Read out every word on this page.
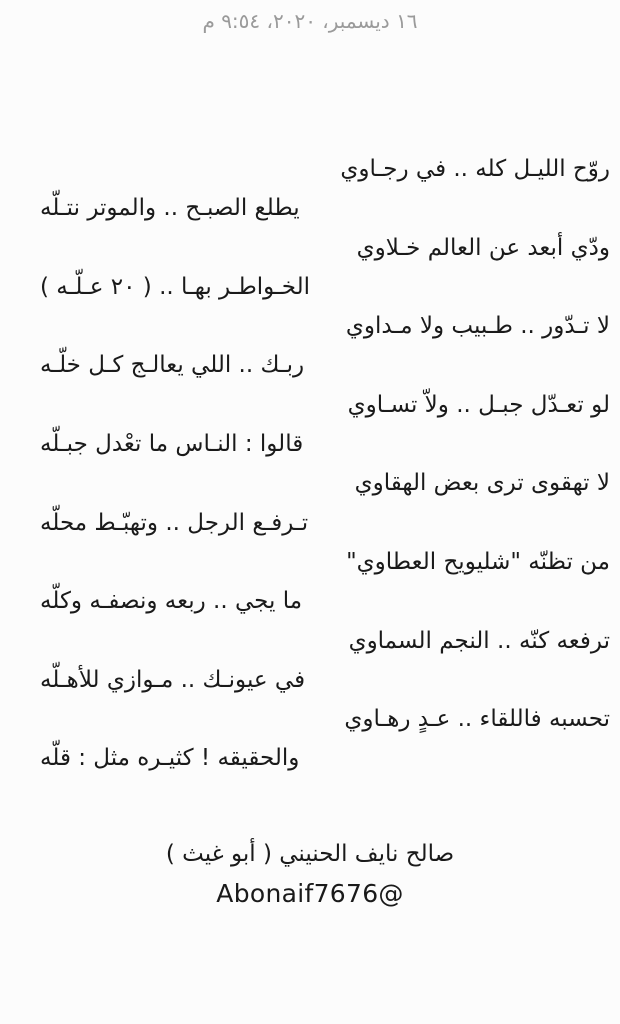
١٦ ديسمبر، ٢٠٢٠، ٩:٥٤ م
روّح الليـل كله .. في رجـاوي
يطلع الصبـح .. والموتر نتـلّه
ودّي أبعد عن العالم خـلاوي
الخـواطـر بهـا .. ( ٢٠ عـلّـه )
لا تـدّور .. طـبيب ولا مـداوي
ربـك .. اللي يعالـج كـل خلّـه
لو تعـدّل جبـل .. ولاّ تسـاوي
قالوا : النـاس ما تعْدل جبـلّه
لا تهقوى ترى بعض الهقاوي
تـرفـع الرجل .. وتهبّـط محلّه
من تظنّه "شليويح العطاوي"
ما يجي .. ربعه ونصفـه وكلّه
ترفعه كنّه .. النجم السماوي
في عيونـك .. مـوازي للأهـلّه
تحسبه فاللقاء .. عـدٍ رهـاوي
والحقيقه ! كثيـره مثل : قلّه
صالح نايف الحنيني ( أبو غيث )
Abonaif7676@
